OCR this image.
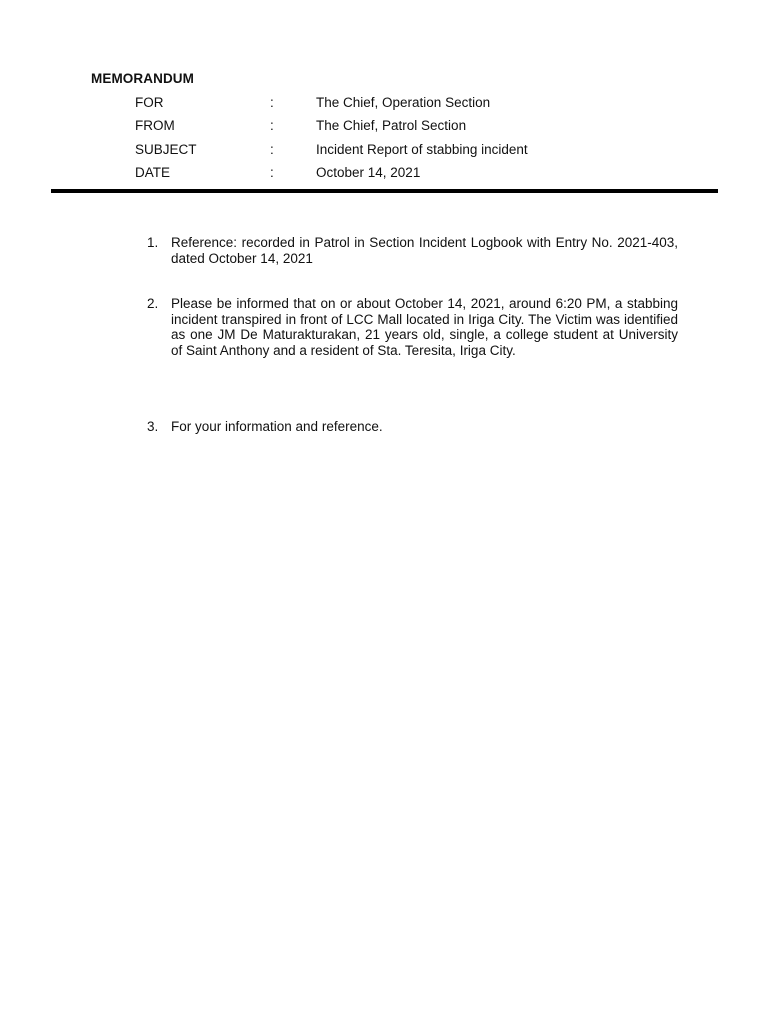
MEMORANDUM
FOR	:	The Chief, Operation Section
FROM	:	The Chief, Patrol Section
SUBJECT	:	Incident Report of stabbing incident
DATE	:	October 14, 2021
1. Reference: recorded in Patrol in Section Incident Logbook with Entry No. 2021-403, dated October 14, 2021
2. Please be informed that on or about October 14, 2021, around 6:20 PM, a stabbing incident transpired in front of LCC Mall located in Iriga City. The Victim was identified as one JM De Maturakturakan, 21 years old, single, a college student at University of Saint Anthony and a resident of Sta. Teresita, Iriga City.
3. For your information and reference.
